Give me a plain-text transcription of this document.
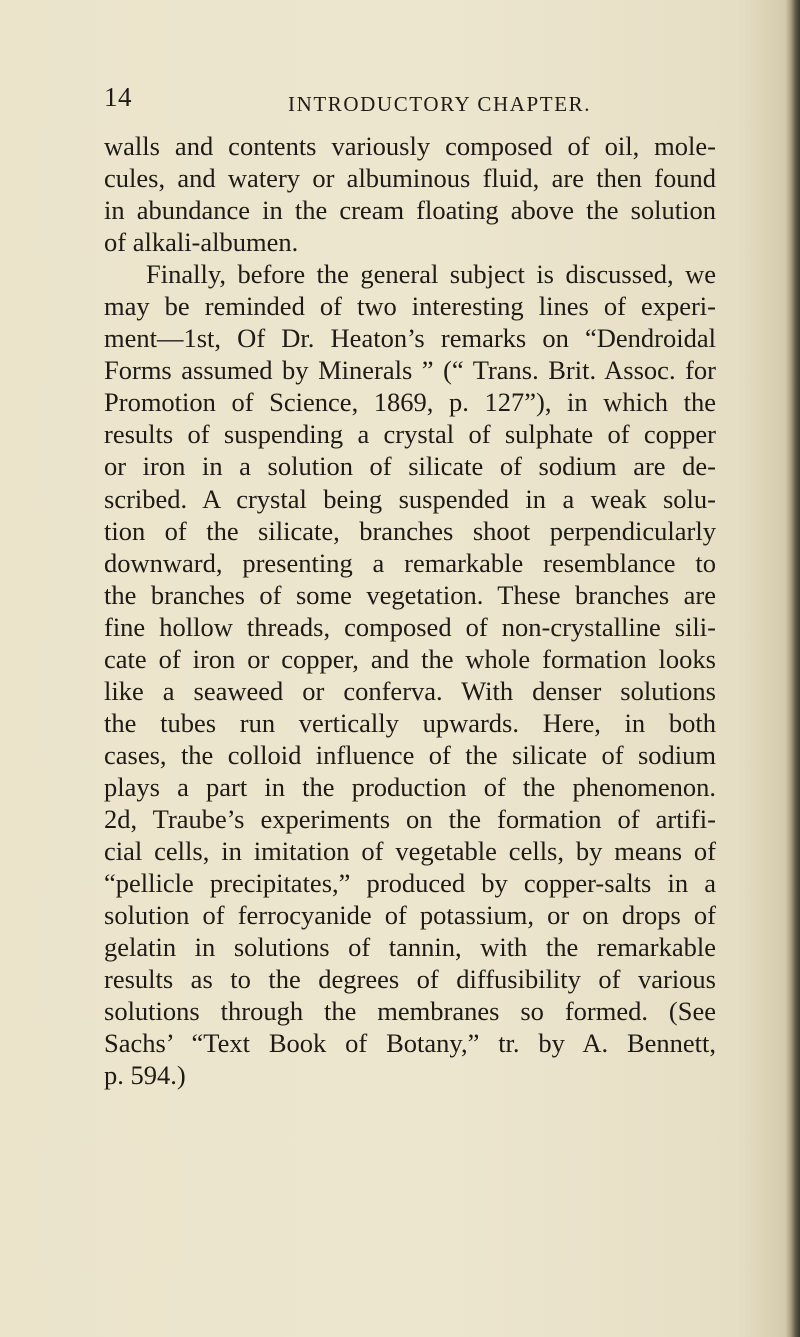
14	INTRODUCTORY CHAPTER.
walls and contents variously composed of oil, mole-
cules, and watery or albuminous fluid, are then found
in abundance in the cream floating above the solution
of alkali-albumen.
Finally, before the general subject is discussed, we
may be reminded of two interesting lines of experi-
ment—1st, Of Dr. Heaton’s remarks on “Dendroidal
Forms assumed by Minerals ” (“ Trans. Brit. Assoc. for
Promotion of Science, 1869, p. 127”), in which the
results of suspending a crystal of sulphate of copper
or iron in a solution of silicate of sodium are de-
scribed. A crystal being suspended in a weak solu-
tion of the silicate, branches shoot perpendicularly
downward, presenting a remarkable resemblance to
the branches of some vegetation. These branches are
fine hollow threads, composed of non-crystalline sili-
cate of iron or copper, and the whole formation looks
like a seaweed or conferva. With denser solutions
the tubes run vertically upwards. Here, in both
cases, the colloid influence of the silicate of sodium
plays a part in the production of the phenomenon.
2d, Traube’s experiments on the formation of artifi-
cial cells, in imitation of vegetable cells, by means of
“pellicle precipitates,” produced by copper-salts in a
solution of ferrocyanide of potassium, or on drops of
gelatin in solutions of tannin, with the remarkable
results as to the degrees of diffusibility of various
solutions through the membranes so formed. (See
Sachs’ “Text Book of Botany,” tr. by A. Bennett,
p. 594.)
